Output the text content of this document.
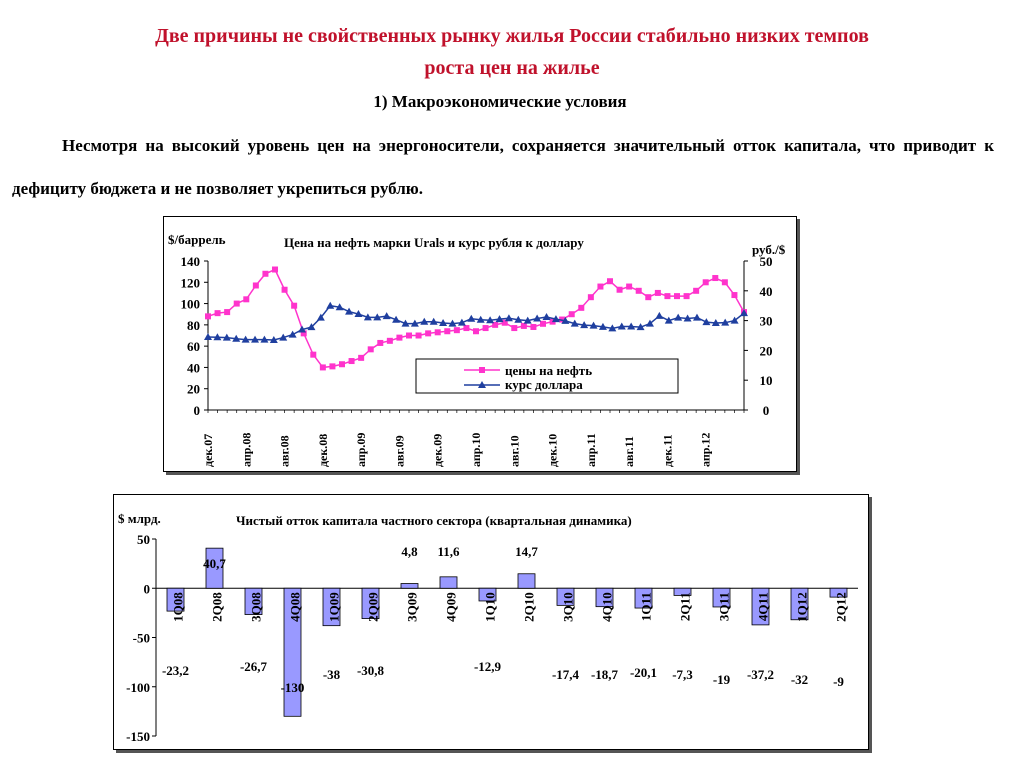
Две причины не свойственных рынку жилья России стабильно низких темпов
роста цен на жилье
1) Макроэкономические условия
Несмотря на высокий уровень цен на энергоносители, сохраняется значительный отток капитала, что приводит к дефициту бюджета и не позволяет укрепиться рублю.
$/баррель	Цена на нефть марки Urals и курс рубля к доллару	руб./$
0
20
40
60
80
100
120
140
0
10
20
30
40
50
дек.07 апр.08 авг.08 дек.08 апр.09 авг.09 дек.09 апр.10 авг.10 дек.10 апр.11 авг.11 дек.11 апр.12
цены на нефть
курс доллара
$ млрд.	Чистый отток капитала частного сектора (квартальная динамика)
-150
-100
-50
0
50
1Q08
-23,2
2Q08
40,7
3Q08
-26,7
4Q08
-130
1Q09
-38
2Q09
-30,8
3Q09
4,8
4Q09
11,6
1Q10
-12,9
2Q10
14,7
3Q10
-17,4
4Q10
-18,7
1Q11
-20,1
2Q11
-7,3
3Q11
-19
4Q11
-37,2
1Q12
-32
2Q12
-9
